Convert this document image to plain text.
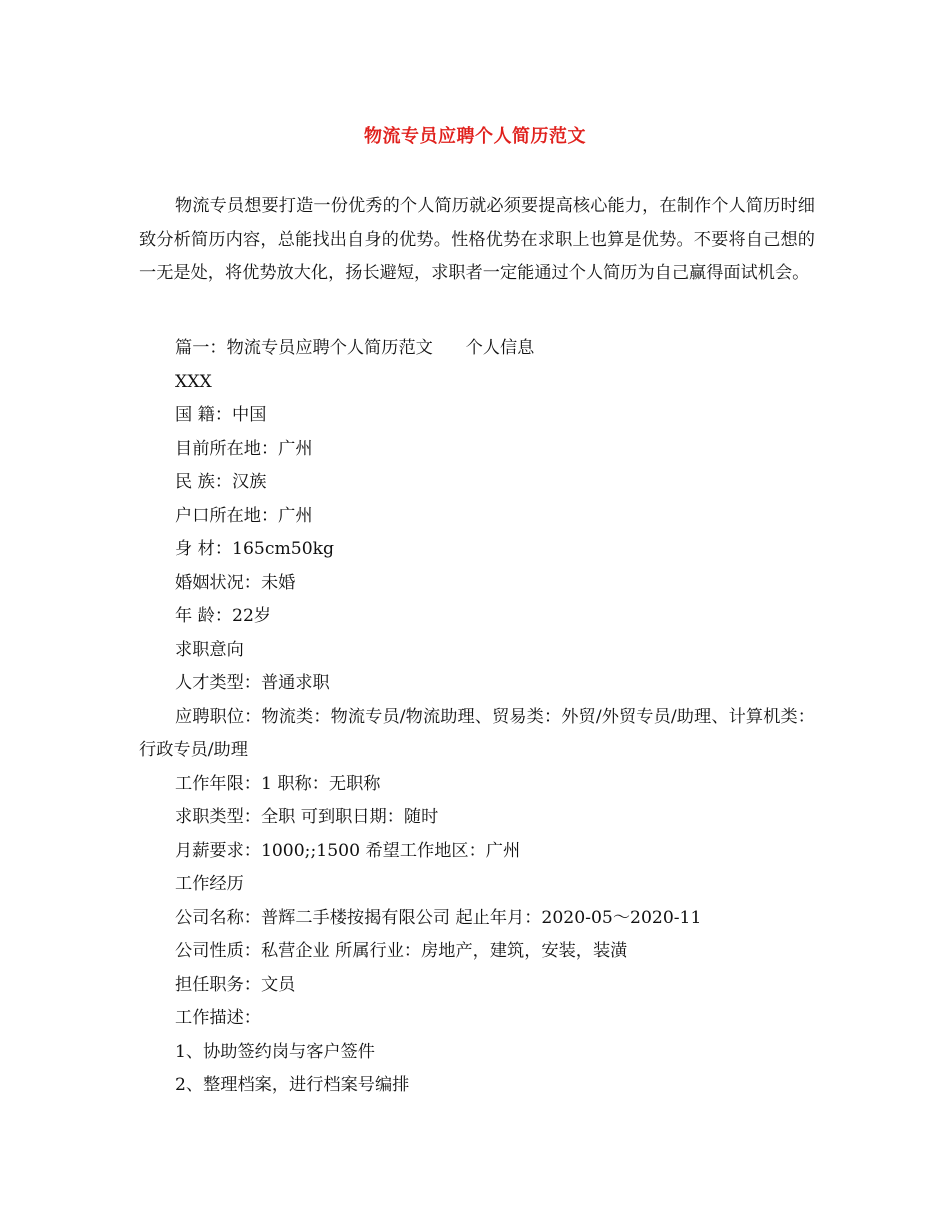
物流专员应聘个人简历范文

物流专员想要打造一份优秀的个人简历就必须要提高核心能力，在制作个人简历时细致分析简历内容，总能找出自身的优势。性格优势在求职上也算是优势。不要将自己想的一无是处，将优势放大化，扬长避短，求职者一定能通过个人简历为自己赢得面试机会。

篇一：物流专员应聘个人简历范文      个人信息
XXX
国 籍：中国
目前所在地：广州
民 族：汉族
户口所在地：广州
身 材：165cm50kg
婚姻状况：未婚
年 龄：22岁
求职意向
人才类型：普通求职
应聘职位：物流类：物流专员/物流助理、贸易类：外贸/外贸专员/助理、计算机类：行政专员/助理
工作年限：1 职称：无职称
求职类型：全职 可到职日期：随时
月薪要求：1000;;1500 希望工作地区：广州
工作经历
公司名称：普辉二手楼按揭有限公司 起止年月：2020-05～2020-11
公司性质：私营企业 所属行业：房地产，建筑，安装，装潢
担任职务：文员
工作描述：
1、协助签约岗与客户签件
2、整理档案，进行档案号编排
